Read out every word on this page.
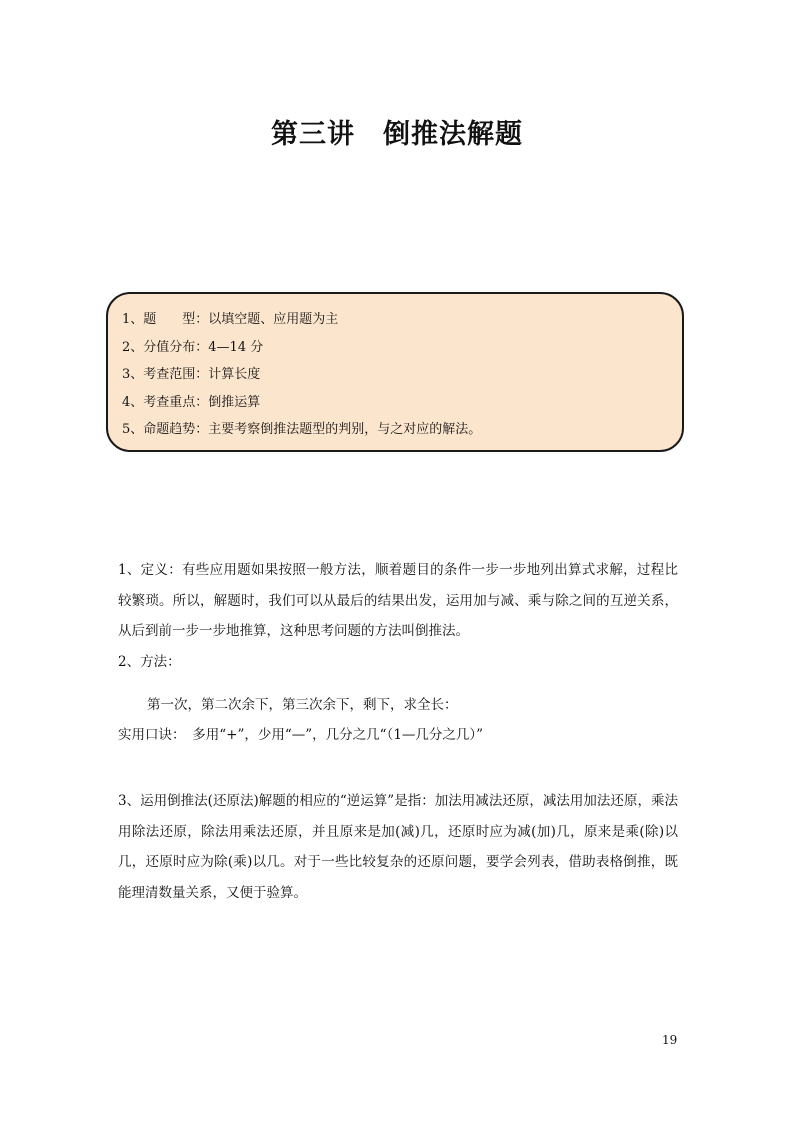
第三讲　倒推法解题
1、题　　型：以填空题、应用题为主
2、分值分布：4—14 分
3、考查范围：计算长度
4、考查重点：倒推运算
5、命题趋势：主要考察倒推法题型的判别，与之对应的解法。
1、定义：有些应用题如果按照一般方法，顺着题目的条件一步一步地列出算式求解，过程比较繁琐。所以，解题时，我们可以从最后的结果出发，运用加与减、乘与除之间的互逆关系，从后到前一步一步地推算，这种思考问题的方法叫倒推法。
2、方法：
第一次，第二次余下，第三次余下，剩下，求全长：
实用口诀：　多用“+”，少用“—”，几分之几“（1—几分之几）”
3、运用倒推法(还原法)解题的相应的“逆运算”是指：加法用减法还原，减法用加法还原，乘法用除法还原，除法用乘法还原，并且原来是加(减)几，还原时应为减(加)几，原来是乘(除)以几，还原时应为除(乘)以几。对于一些比较复杂的还原问题，要学会列表，借助表格倒推，既能理清数量关系，又便于验算。
19
